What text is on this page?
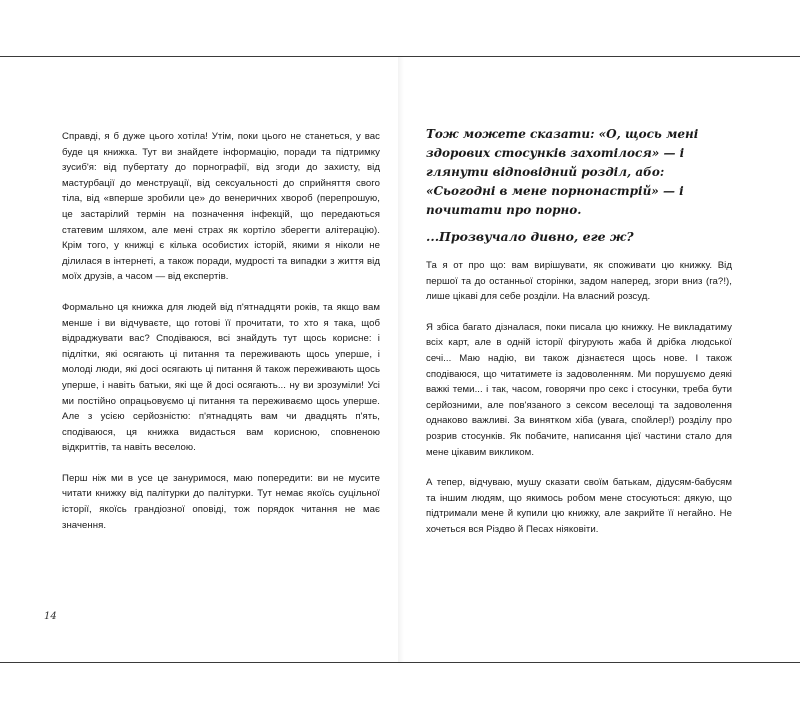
Справді, я б дуже цього хотіла! Утім, поки цього не станеться, у вас буде ця книжка. Тут ви знайдете інформацію, поради та підтримку зусиб'я: від пубертату до порнографії, від згоди до захисту, від мастурбації до менструації, від сексуальності до сприйняття свого тіла, від «вперше зробили це» до венеричних хвороб (перепрошую, це застарілий термін на позначення інфекцій, що передаються статевим шляхом, але мені страх як кортіло зберегти алітерацію). Крім того, у книжці є кілька особистих історій, якими я ніколи не ділилася в інтернеті, а також поради, мудрості та випадки з життя від моїх друзів, а часом — від експертів.

Формально ця книжка для людей від п'ятнадцяти років, та якщо вам менше і ви відчуваєте, що готові її прочитати, то хто я така, щоб відраджувати вас? Сподіваюся, всі знайдуть тут щось корисне: і підлітки, які осягають ці питання та переживають щось уперше, і молоді люди, які досі осягають ці питання й також переживають щось уперше, і навіть батьки, які ще й досі осягають... ну ви зрозуміли! Усі ми постійно опрацьовуємо ці питання та переживаємо щось уперше. Але з усією серйозністю: п'ятнадцять вам чи двадцять п'ять, сподіваюся, ця книжка видасться вам корисною, сповненою відкриттів, та навіть веселою.

Перш ніж ми в усе це зануримося, маю попередити: ви не мусите читати книжку від палітурки до палітурки. Тут немає якоїсь суцільної історії, якоїсь грандіозної оповіді, тож порядок читання не має значення.

14

Тож можете сказати: «О, щось мені здорових стосунків захотілося» — і глянути відповідний розділ, або: «Сьогодні в мене порнонастрій» — і почитати про порно.

...Прозвучало дивно, еге ж?

Та я от про що: вам вирішувати, як споживати цю книжку. Від першої та до останньої сторінки, задом наперед, згори вниз (га?!), лише цікаві для себе розділи. На власний розсуд.

Я збіса багато дізналася, поки писала цю книжку. Не викладатиму всіх карт, але в одній історії фігурують жаба й дрібка людської сечі... Маю надію, ви також дізнаєтеся щось нове. І також сподіваюся, що читатимете із задоволенням. Ми порушуємо деякі важкі теми... і так, часом, говорячи про секс і стосунки, треба бути серйозними, але пов'язаного з сексом веселощі та задоволення однаково важливі. За винятком хіба (увага, спойлер!) розділу про розрив стосунків. Як побачите, написання цієї частини стало для мене цікавим викликом.

А тепер, відчуваю, мушу сказати своїм батькам, дідусям-бабусям та іншим людям, що якимось робом мене стосуються: дякую, що підтримали мене й купили цю книжку, але закрийте її негайно. Не хочеться вся Різдво й Песах ніяковіти.
